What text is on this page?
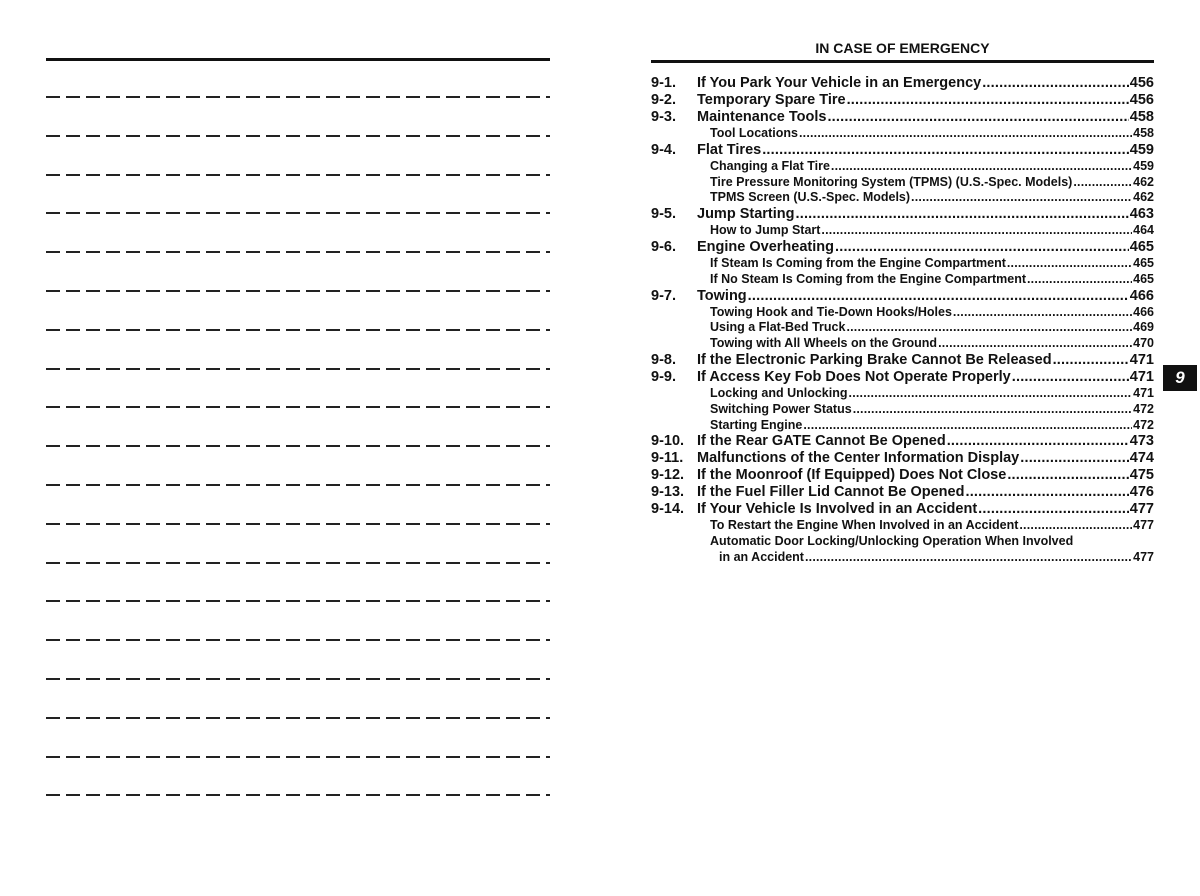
IN CASE OF EMERGENCY
9-1.	If You Park Your Vehicle in an Emergency .....	456
9-2.	Temporary Spare Tire .....	456
9-3.	Maintenance Tools .....	458
Tool Locations .....	458
9-4.	Flat Tires .....	459
Changing a Flat Tire .....	459
Tire Pressure Monitoring System (TPMS) (U.S.-Spec. Models) .....	462
TPMS Screen (U.S.-Spec. Models) .....	462
9-5.	Jump Starting .....	463
How to Jump Start .....	464
9-6.	Engine Overheating .....	465
If Steam Is Coming from the Engine Compartment .....	465
If No Steam Is Coming from the Engine Compartment .....	465
9-7.	Towing .....	466
Towing Hook and Tie-Down Hooks/Holes .....	466
Using a Flat-Bed Truck .....	469
Towing with All Wheels on the Ground .....	470
9-8.	If the Electronic Parking Brake Cannot Be Released .....	471
9-9.	If Access Key Fob Does Not Operate Properly .....	471
Locking and Unlocking .....	471
Switching Power Status .....	472
Starting Engine .....	472
9-10. If the Rear GATE Cannot Be Opened .....	473
9-11. Malfunctions of the Center Information Display .....	474
9-12. If the Moonroof (If Equipped) Does Not Close .....	475
9-13. If the Fuel Filler Lid Cannot Be Opened .....	476
9-14. If Your Vehicle Is Involved in an Accident .....	477
To Restart the Engine When Involved in an Accident .....	477
Automatic Door Locking/Unlocking Operation When Involved
in an Accident .....	477
9
